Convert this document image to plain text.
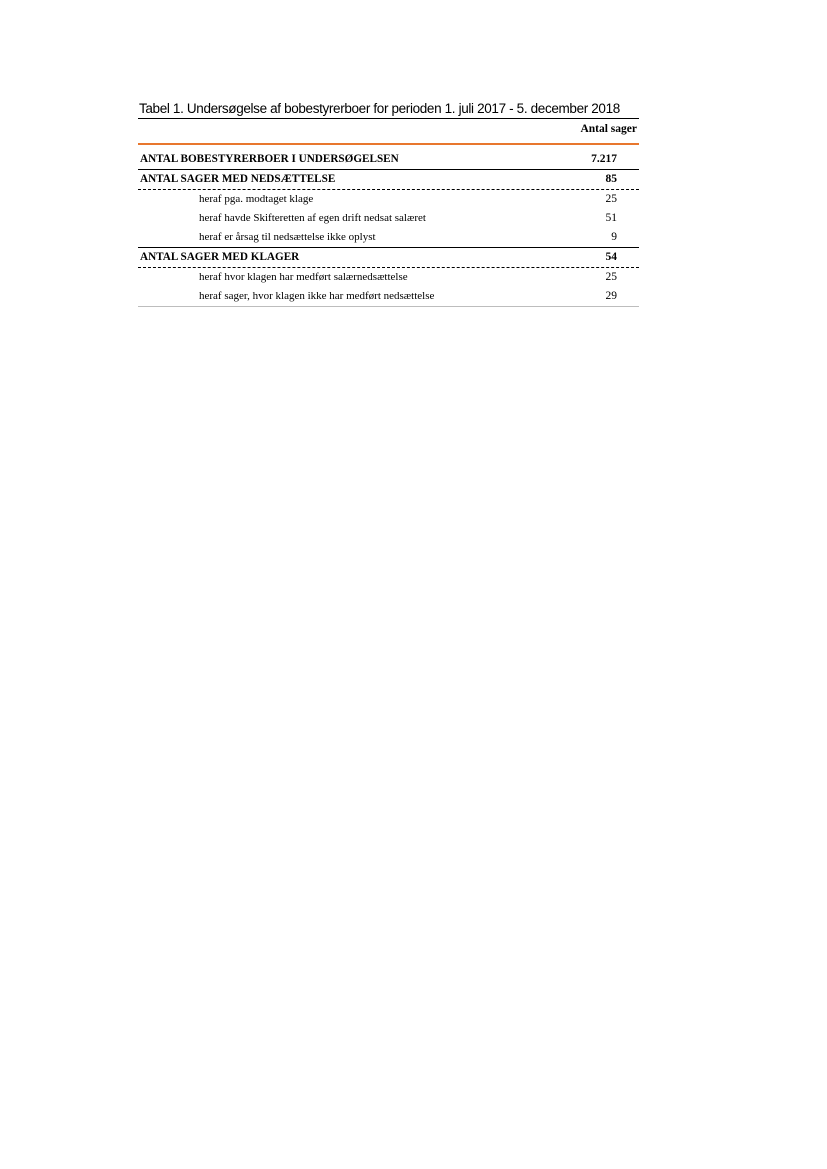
Tabel 1. Undersøgelse af bobestyrerboer for perioden 1. juli 2017 - 5. december 2018
Antal sager
ANTAL BOBESTYRERBOER I UNDERSØGELSEN	7.217
ANTAL SAGER MED NEDSÆTTELSE	85
heraf pga. modtaget klage	25
heraf havde Skifteretten af egen drift nedsat salæret	51
heraf er årsag til nedsættelse ikke oplyst	9
ANTAL SAGER MED KLAGER	54
heraf hvor klagen har medført salærnedsættelse	25
heraf sager, hvor klagen ikke har medført nedsættelse	29
